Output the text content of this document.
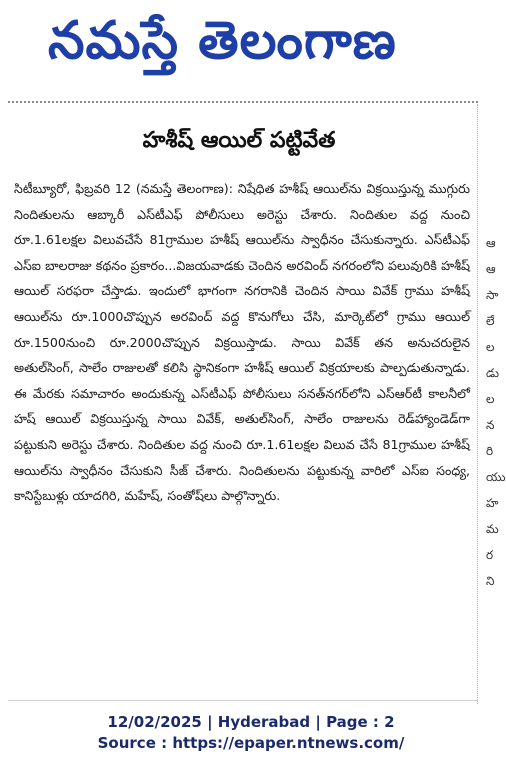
నమస్తే తెలంగాణ
ఆ
ఆ
సా
లే
ల
డు
ల
న
రి
యు
హ
మ
ర
ని
హశీష్ ఆయిల్ పట్టివేత
సిటీబ్యూరో, ఫిబ్రవరి 12 (నమస్తే తెలంగాణ): నిషేధిత హశీష్ ఆయిల్‌ను విక్రయిస్తున్న ముగ్గురు నిందితులను ఆబ్కారీ ఎస్‌టీఎఫ్ పోలీసులు అరెస్టు చేశారు. నిందితుల వద్ద నుంచి రూ.1.61లక్షల విలువచేసే 81గ్రాముల హశీష్ ఆయిల్‌ను స్వాధీనం చేసుకున్నారు. ఎస్‌టీఎఫ్ ఎస్‌ఐ బాలరాజు కథనం ప్రకారం...విజయవాడకు చెందిన అరవింద్ నగరంలోని పలువురికి హశీష్ ఆయిల్ సరఫరా చేస్తాడు. ఇందులో భాగంగా నగరానికి చెందిన సాయి వివేక్ గ్రాము హశీష్ ఆయిల్‌ను రూ.1000చొప్పున అరవింద్ వద్ద కొనుగోలు చేసి, మార్కెట్‌లో గ్రాము ఆయిల్ రూ.1500నుంచి రూ.2000చొప్పున విక్రయిస్తాడు. సాయి వివేక్ తన అనుచరులైన అతుల్‌సింగ్, సాలేం రాజులతో కలిసి స్థానికంగా హశీష్ ఆయిల్ విక్రయాలకు పాల్పడుతున్నాడు. ఈ మేరకు సమాచారం అందుకున్న ఎస్‌టీఎఫ్ పోలీసులు సనత్‌నగర్‌లోని ఎస్‌ఆర్‌టీ కాలనీలో హష్ ఆయిల్ విక్రయిస్తున్న సాయి వివేక్, అతుల్‌సింగ్, సాలేం రాజులను రెడ్‌హ్యాండెడ్‌గా పట్టుకుని అరెస్టు చేశారు. నిందితుల వద్ద నుంచి రూ.1.61లక్షల విలువ చేసే 81గ్రాముల హశీష్ ఆయిల్‌ను స్వాధీనం చేసుకుని సీజ్ చేశారు. నిందితులను పట్టుకున్న వారిలో ఎస్‌ఐ సంధ్య, కానిస్టేబుళ్లు యాదగిరి, మహేష్, సంతోష్‌లు పాల్గొన్నారు.
12/02/2025 | Hyderabad | Page : 2
Source : https://epaper.ntnews.com/
